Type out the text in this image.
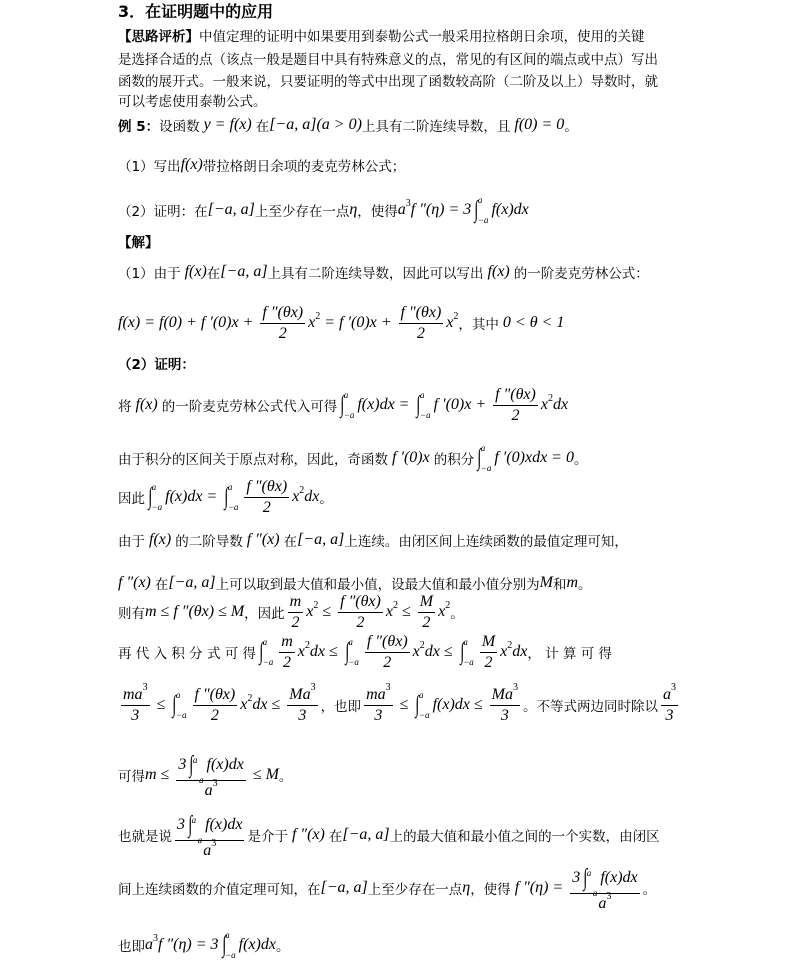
3．在证明题中的应用
【思路评析】 中值定理的证明中如果要用到泰勒公式一般采用拉格朗日余项，使用的关键
是选择合适的点（该点一般是题目中具有特殊意义的点，常见的有区间的端点或中点）写出
函数的展开式。一般来说，只要证明的等式中出现了函数较高阶（二阶及以上）导数时，就
可以考虑使用泰勒公式。
例 5： 设函数 y = f(x) 在 [−a, a](a > 0) 上具有二阶连续导数，且 f(0) = 0 。
（1）写出 f(x) 带拉格朗日余项的麦克劳林公式；
（2）证明：在 [−a, a] 上至少存在一点 η ，使得 a 3 f ″(η) = 3 ∫ a
−a
f(x)dx
【解】
（1）由于 f(x) 在 [−a, a] 上具有二阶连续导数，因此可以写出 f(x) 的一阶麦克劳林公式：
f(x) = f(0) + f $'(0)x + \frac{f ''(\theta x)}{2}$ x 2 = f $'(0)x + \frac{f ''(\theta x)}{2}$ x 2
，其中 0 < θ < 1
（2）证明：
将 f(x) 的一阶麦克劳林公式代入可得 ∫ a
−a
f(x)dx = ∫ a
−a
f $'(0)x + \frac{f ''(\theta x)}{2}$ x 2 dx
由于积分的区间关于原点对称，因此，奇函数 f ′(0)x 的积分 ∫ a
−a
f ′(0)xdx = 0 。
因此 ∫ a
−a
f(x)dx = ∫ a
$-a \frac{f ''(\theta x)}{2}$ x 2 dx 。
由于 f(x) 的二阶导数 f ″(x) 在 [−a, a] 上连续。由闭区间上连续函数的最值定理可知，
f ″(x) 在 [−a, a] 上可以取到最大值和最小值，设最大值和最小值分别为 M 和 m 。
则有 m ≤ f ″(θx) ≤ M ，因此 $\frac{m}{2}$ x $2 \le \frac{f ''(\theta x)}{2}$ x $2 \le \frac{M}{2}$ x 2
。
再 代 入 积 分 式 可 得 ∫ a
$-a \frac{m}{2}$ x 2 dx ≤ ∫ a
$-a \frac{f ''(\theta x)}{2}$ x 2 dx ≤ ∫ a
$-a \frac{M}{2}$ x 2 dx ， 计 算 可 得
$\frac{ma 3}{3}$ ≤ ∫ a
$-a \frac{f ''(\theta x)}{2}$ x 2 dx ≤ $\frac{Ma 3}{3}$ ，也即 $\frac{ma 3}{3}$ ≤ ∫ a
−a
$f(x)dx \le \frac{Ma 3}{3}$ 。不等式两边同时除以 $\frac{a 3}{3}$
可得 m ≤ 3 ∫ a
−a
f(x)dx
a 3 ≤ M 。
也就是说 3 ∫ a
−a
f(x)dx
a 3 是介于 f ″(x) 在 [−a, a] 上的最大值和最小值之间的一个实数，由闭区
间上连续函数的介值定理可知，在 [−a, a] 上至少存在一点 η ，使得 f ″(η) = 3 ∫ a
−a
f(x)dx
a 3 。
也即 a 3 f ″(η) = 3 ∫ a
−a
f(x)dx 。
